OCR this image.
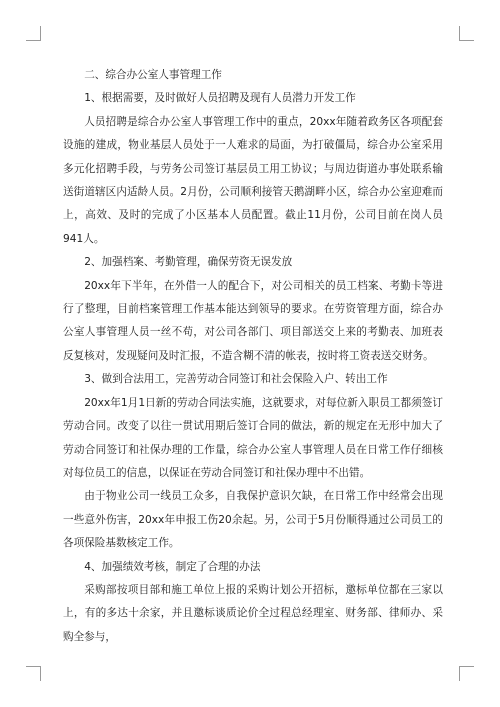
二、综合办公室人事管理工作

1、根据需要，及时做好人员招聘及现有人员潜力开发工作

人员招聘是综合办公室人事管理工作中的重点，20xx年随着政务区各项配套设施的建成，物业基层人员处于一人难求的局面，为打破僵局，综合办公室采用多元化招聘手段，与劳务公司签订基层员工用工协议；与周边街道办事处联系输送街道辖区内适龄人员。2月份，公司顺利接管天鹅湖畔小区，综合办公室迎难而上，高效、及时的完成了小区基本人员配置。截止11月份，公司目前在岗人员941人。

2、加强档案、考勤管理，确保劳资无误发放

20xx年下半年，在外借一人的配合下，对公司相关的员工档案、考勤卡等进行了整理，目前档案管理工作基本能达到领导的要求。在劳资管理方面，综合办公室人事管理人员一丝不苟，对公司各部门、项目部送交上来的考勤表、加班表反复核对，发现疑问及时汇报，不造含糊不清的帐表，按时将工资表送交财务。

3、做到合法用工，完善劳动合同签订和社会保险入户、转出工作

20xx年1月1日新的劳动合同法实施，这就要求，对每位新入职员工都须签订劳动合同。改变了以往一贯试用期后签订合同的做法，新的规定在无形中加大了劳动合同签订和社保办理的工作量，综合办公室人事管理人员在日常工作仔细核对每位员工的信息，以保证在劳动合同签订和社保办理中不出错。

由于物业公司一线员工众多，自我保护意识欠缺，在日常工作中经常会出现一些意外伤害，20xx年申报工伤20余起。另，公司于5月份顺得通过公司员工的各项保险基数核定工作。

4、加强绩效考核，制定了合理的办法

采购部按项目部和施工单位上报的采购计划公开招标，邀标单位都在三家以上，有的多达十余家，并且邀标谈质论价全过程总经理室、财务部、律师办、采购全参与，
